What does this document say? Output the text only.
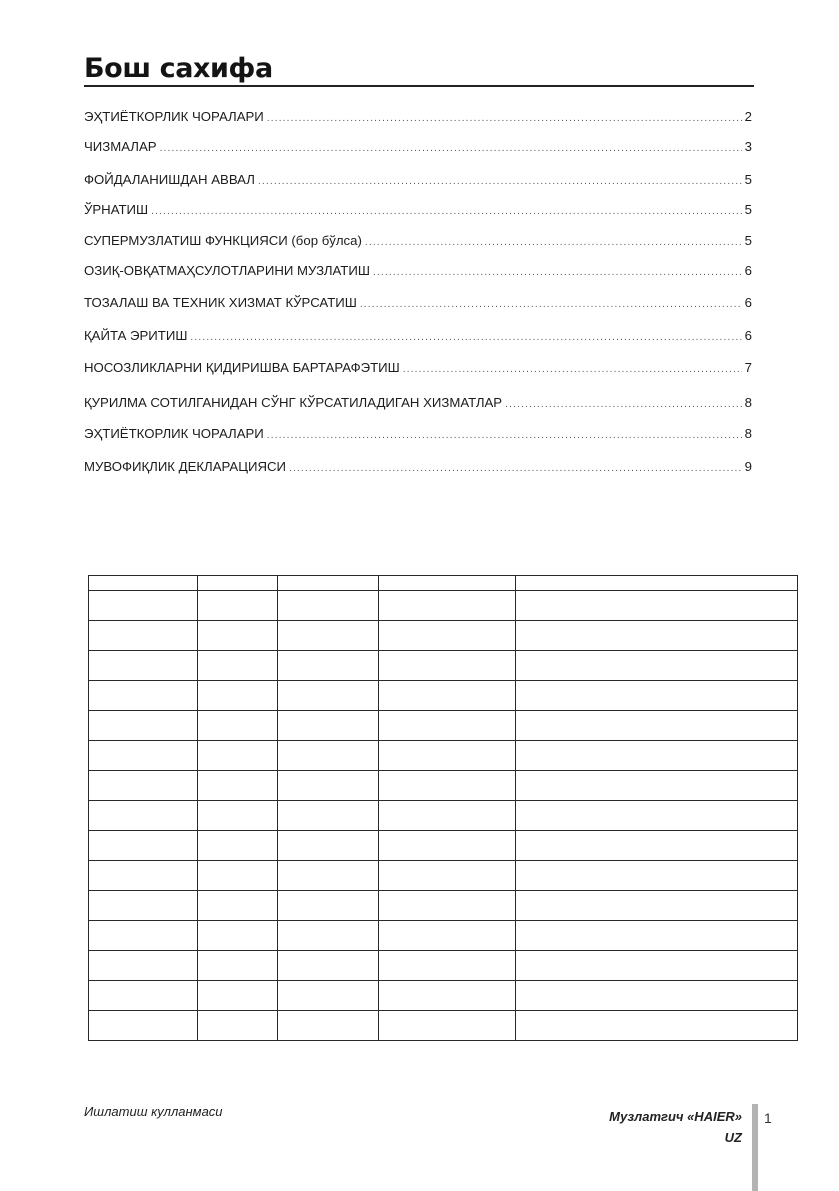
Бош сахифа
ЭҲТИЁТКОРЛИК ЧОРАЛАРИ .....	2
ЧИЗМАЛАР .....	3
ФОЙДАЛАНИШДАН АВВАЛ .....	5
ЎРНАТИШ .....	5
СУПЕРМУЗЛАТИШ ФУНКЦИЯСИ (бор бўлса) .....	5
ОЗИҚ-ОВҚАТМАҲСУЛОТЛАРИНИ МУЗЛАТИШ .....	6
ТОЗАЛАШ ВА ТЕХНИК ХИЗМАТ КЎРСАТИШ .....	6
ҚАЙТА ЭРИТИШ .....	6
НОСОЗЛИКЛАРНИ ҚИДИРИШВА БАРТАРАФЭТИШ .....	7
ҚУРИЛМА СОТИЛГАНИДАН СЎНГ КЎРСАТИЛАДИГАН ХИЗМАТЛАР .....	8
ЭҲТИЁТКОРЛИК ЧОРАЛАРИ .....	8
МУВОФИҚЛИК ДЕКЛАРАЦИЯСИ .....	9

Ишлатиш кулланмаси	Музлатгич «HAIER»
UZ
1
